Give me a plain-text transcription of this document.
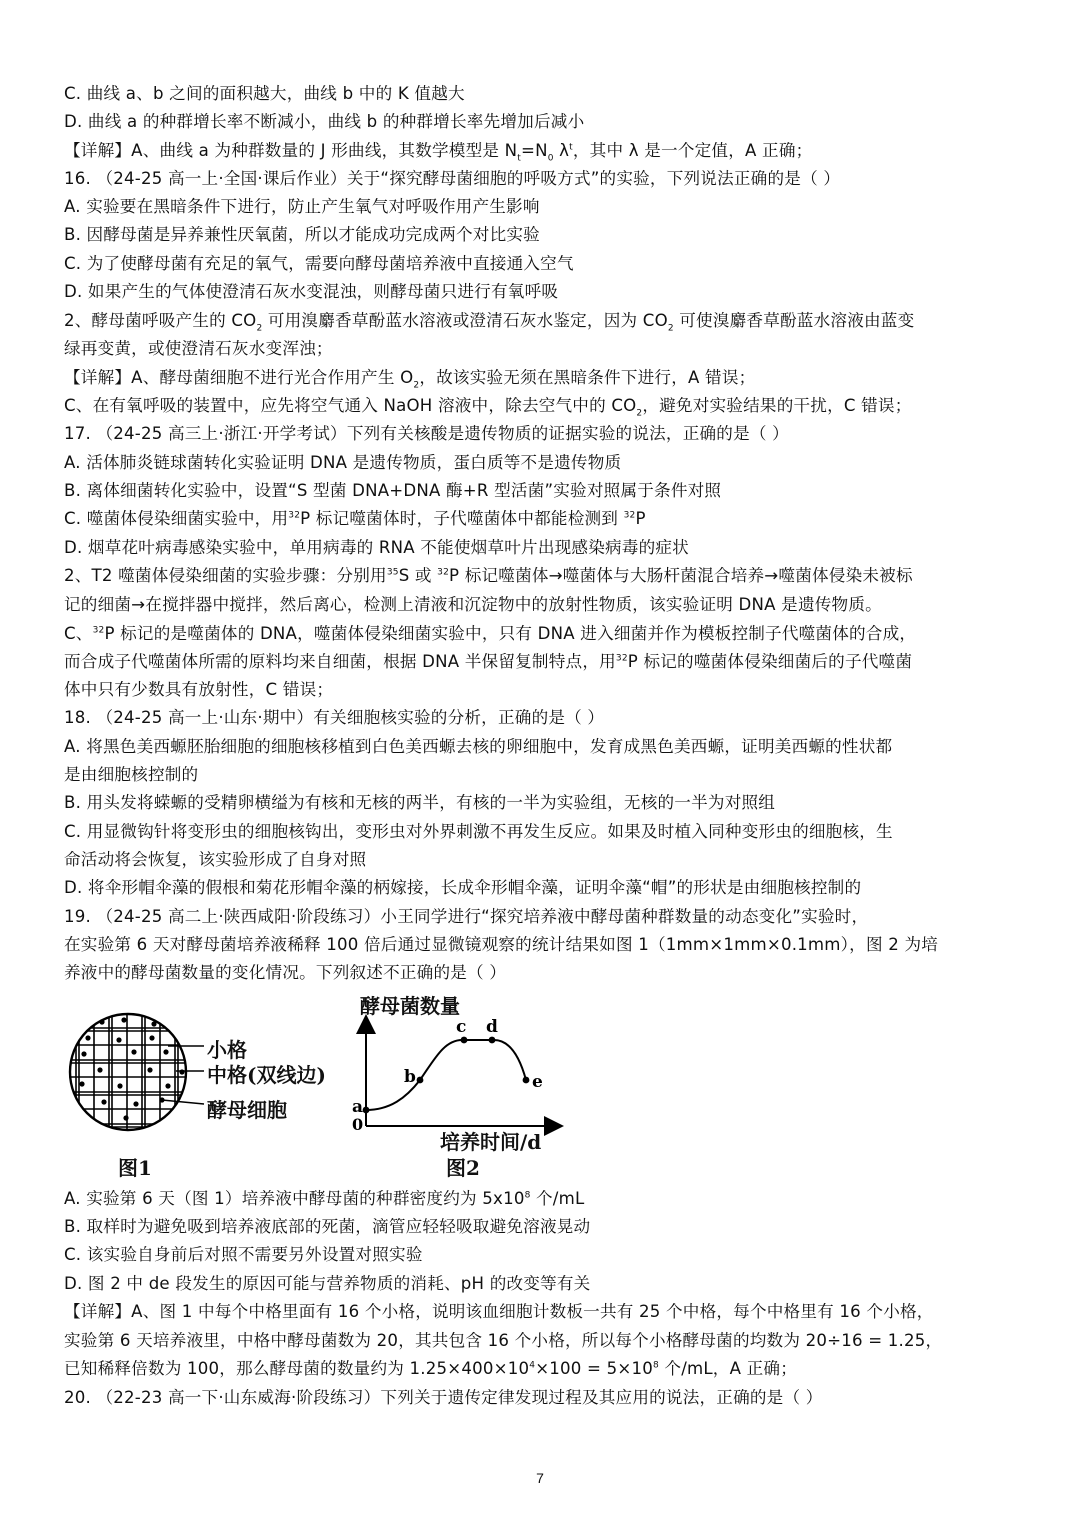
C. 曲线 a、b 之间的面积越大，曲线 b 中的 K 值越大
D. 曲线 a 的种群增长率不断减小，曲线 b 的种群增长率先增加后减小
【详解】A、曲线 a 为种群数量的 J 形曲线，其数学模型是 $N_t=N_0$ $\lambda^t$，其中 λ 是一个定值，A 正确；
16. （24-25 高一上·全国·课后作业）关于“探究酵母菌细胞的呼吸方式”的实验，下列说法正确的是（ ）
A. 实验要在黑暗条件下进行，防止产生氧气对呼吸作用产生影响
B. 因酵母菌是异养兼性厌氧菌，所以才能成功完成两个对比实验
C. 为了使酵母菌有充足的氧气，需要向酵母菌培养液中直接通入空气
D. 如果产生的气体使澄清石灰水变混浊，则酵母菌只进行有氧呼吸
2、酵母菌呼吸产生的 $CO_2$ 可用溴麝香草酚蓝水溶液或澄清石灰水鉴定，因为 $CO_2$ 可使溴麝香草酚蓝水溶液由蓝变
绿再变黄，或使澄清石灰水变浑浊；
【详解】A、酵母菌细胞不进行光合作用产生 $O_2$，故该实验无须在黑暗条件下进行，A 错误；
C、在有氧呼吸的装置中，应先将空气通入 NaOH 溶液中，除去空气中的 $CO_2$，避免对实验结果的干扰，C 错误；
17. （24-25 高三上·浙江·开学考试）下列有关核酸是遗传物质的证据实验的说法，正确的是（ ）
A. 活体肺炎链球菌转化实验证明 DNA 是遗传物质，蛋白质等不是遗传物质
B. 离体细菌转化实验中，设置“S 型菌 DNA+DNA 酶+R 型活菌”实验对照属于条件对照
C. 噬菌体侵染细菌实验中，用$^{32}$P 标记噬菌体时，子代噬菌体中都能检测到 $^{32}$P
D. 烟草花叶病毒感染实验中，单用病毒的 RNA 不能使烟草叶片出现感染病毒的症状
2、T2 噬菌体侵染细菌的实验步骤：分别用$^{35}$S 或 $^{32}$P 标记噬菌体→噬菌体与大肠杆菌混合培养→噬菌体侵染未被标
记的细菌→在搅拌器中搅拌，然后离心，检测上清液和沉淀物中的放射性物质，该实验证明 DNA 是遗传物质。
C、$^{32}$P 标记的是噬菌体的 DNA，噬菌体侵染细菌实验中，只有 DNA 进入细菌并作为模板控制子代噬菌体的合成，
而合成子代噬菌体所需的原料均来自细菌，根据 DNA 半保留复制特点，用$^{32}$P 标记的噬菌体侵染细菌后的子代噬菌
体中只有少数具有放射性，C 错误；
18. （24-25 高一上·山东·期中）有关细胞核实验的分析，正确的是（ ）
A. 将黑色美西螈胚胎细胞的细胞核移植到白色美西螈去核的卵细胞中，发育成黑色美西螈，证明美西螈的性状都
是由细胞核控制的
B. 用头发将蝾螈的受精卵横缢为有核和无核的两半，有核的一半为实验组，无核的一半为对照组
C. 用显微钩针将变形虫的细胞核钩出，变形虫对外界刺激不再发生反应。如果及时植入同种变形虫的细胞核，生
命活动将会恢复，该实验形成了自身对照
D. 将伞形帽伞藻的假根和菊花形帽伞藻的柄嫁接，长成伞形帽伞藻，证明伞藻“帽”的形状是由细胞核控制的
19. （24-25 高二上·陕西咸阳·阶段练习）小王同学进行“探究培养液中酵母菌种群数量的动态变化”实验时，
在实验第 6 天对酵母菌培养液稀释 100 倍后通过显微镜观察的统计结果如图 1（1mm×1mm×0.1mm），图 2 为培
养液中的酵母菌数量的变化情况。下列叙述不正确的是（ ）
小格
中格(双线边)
酵母细胞
图1
a
b
c d
e
0
酵母菌数量
培养时间/d
图2
A. 实验第 6 天（图 1）培养液中酵母菌的种群密度约为 $5x10^8$ 个/mL
B. 取样时为避免吸到培养液底部的死菌，滴管应轻轻吸取避免溶液晃动
C. 该实验自身前后对照不需要另外设置对照实验
D. 图 2 中 de 段发生的原因可能与营养物质的消耗、pH 的改变等有关
【详解】A、图 1 中每个中格里面有 16 个小格，说明该血细胞计数板一共有 25 个中格，每个中格里有 16 个小格，
实验第 6 天培养液里，中格中酵母菌数为 20，其共包含 16 个小格，所以每个小格酵母菌的均数为 20÷16 = 1.25，
已知稀释倍数为 100，那么酵母菌的数量约为 $1.25\times 400\times 10^4\times 100 = 5\times 10^8$ 个/mL，A 正确；
20. （22-23 高一下·山东威海·阶段练习）下列关于遗传定律发现过程及其应用的说法，正确的是（ ）
7
